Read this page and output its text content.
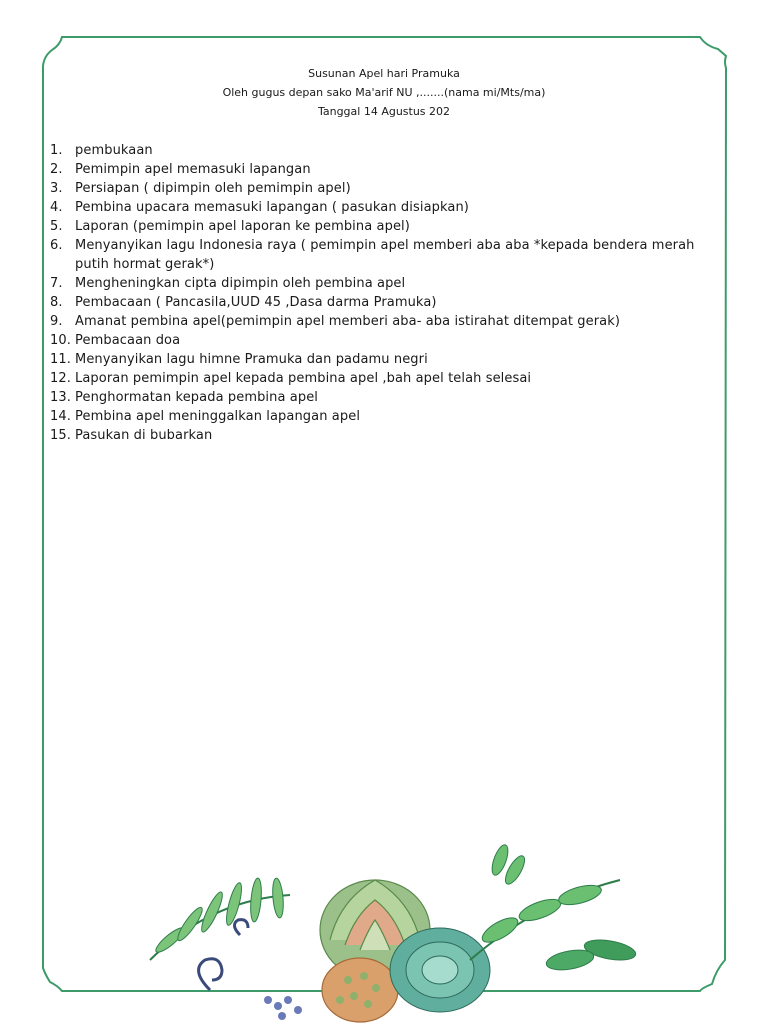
Susunan Apel hari Pramuka
Oleh gugus depan sako Ma'arif NU ,.......(nama mi/Mts/ma)
Tanggal 14 Agustus 202
1. pembukaan
2. Pemimpin apel memasuki lapangan
3. Persiapan ( dipimpin oleh pemimpin apel)
4. Pembina upacara memasuki lapangan ( pasukan disiapkan)
5. Laporan (pemimpin apel laporan ke pembina apel)
6. Menyanyikan lagu Indonesia raya ( pemimpin apel memberi aba aba *kepada bendera merah putih hormat gerak*)
7. Mengheningkan cipta dipimpin oleh pembina apel
8. Pembacaan ( Pancasila,UUD 45 ,Dasa darma Pramuka)
9. Amanat pembina apel(pemimpin apel memberi aba- aba istirahat ditempat gerak)
10. Pembacaan doa
11. Menyanyikan lagu himne Pramuka dan padamu negri
12. Laporan pemimpin apel kepada pembina apel ,bah apel telah selesai
13. Penghormatan kepada pembina apel
14. Pembina apel meninggalkan lapangan apel
15. Pasukan di bubarkan
